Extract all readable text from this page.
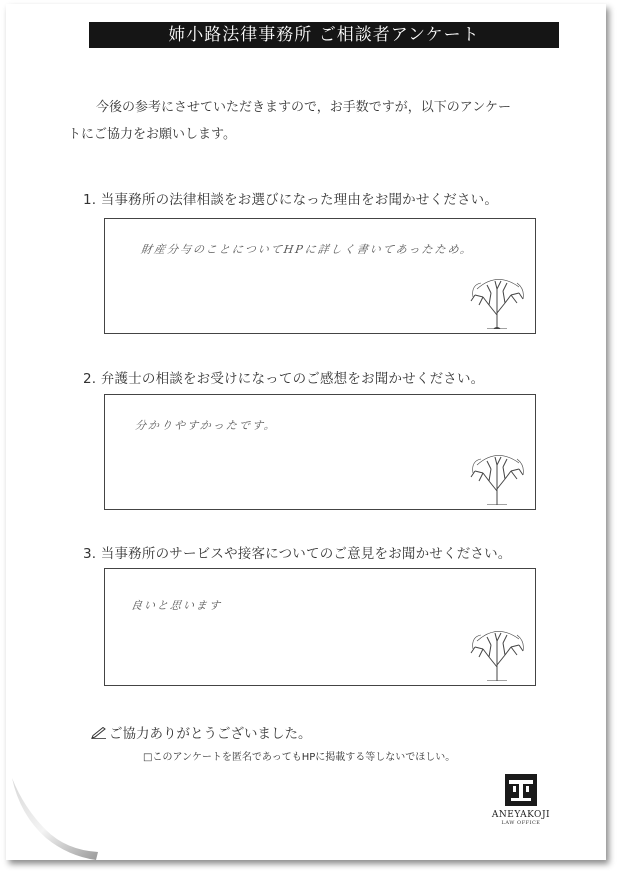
姉小路法律事務所 ご相談者アンケート
今後の参考にさせていただきますので，お手数ですが，以下のアンケー
トにご協力をお願いします。
1. 当事務所の法律相談をお選びになった理由をお聞かせください。
財産分与のことについてHPに詳しく書いてあったため。
2. 弁護士の相談をお受けになってのご感想をお聞かせください。
分かりやすかったです。
3. 当事務所のサービスや接客についてのご意見をお聞かせください。
良いと思います
ご協力ありがとうございました。
□このアンケートを匿名であってもHPに掲載する等しないでほしい。
ANEYAKOJI
LAW OFFICE
